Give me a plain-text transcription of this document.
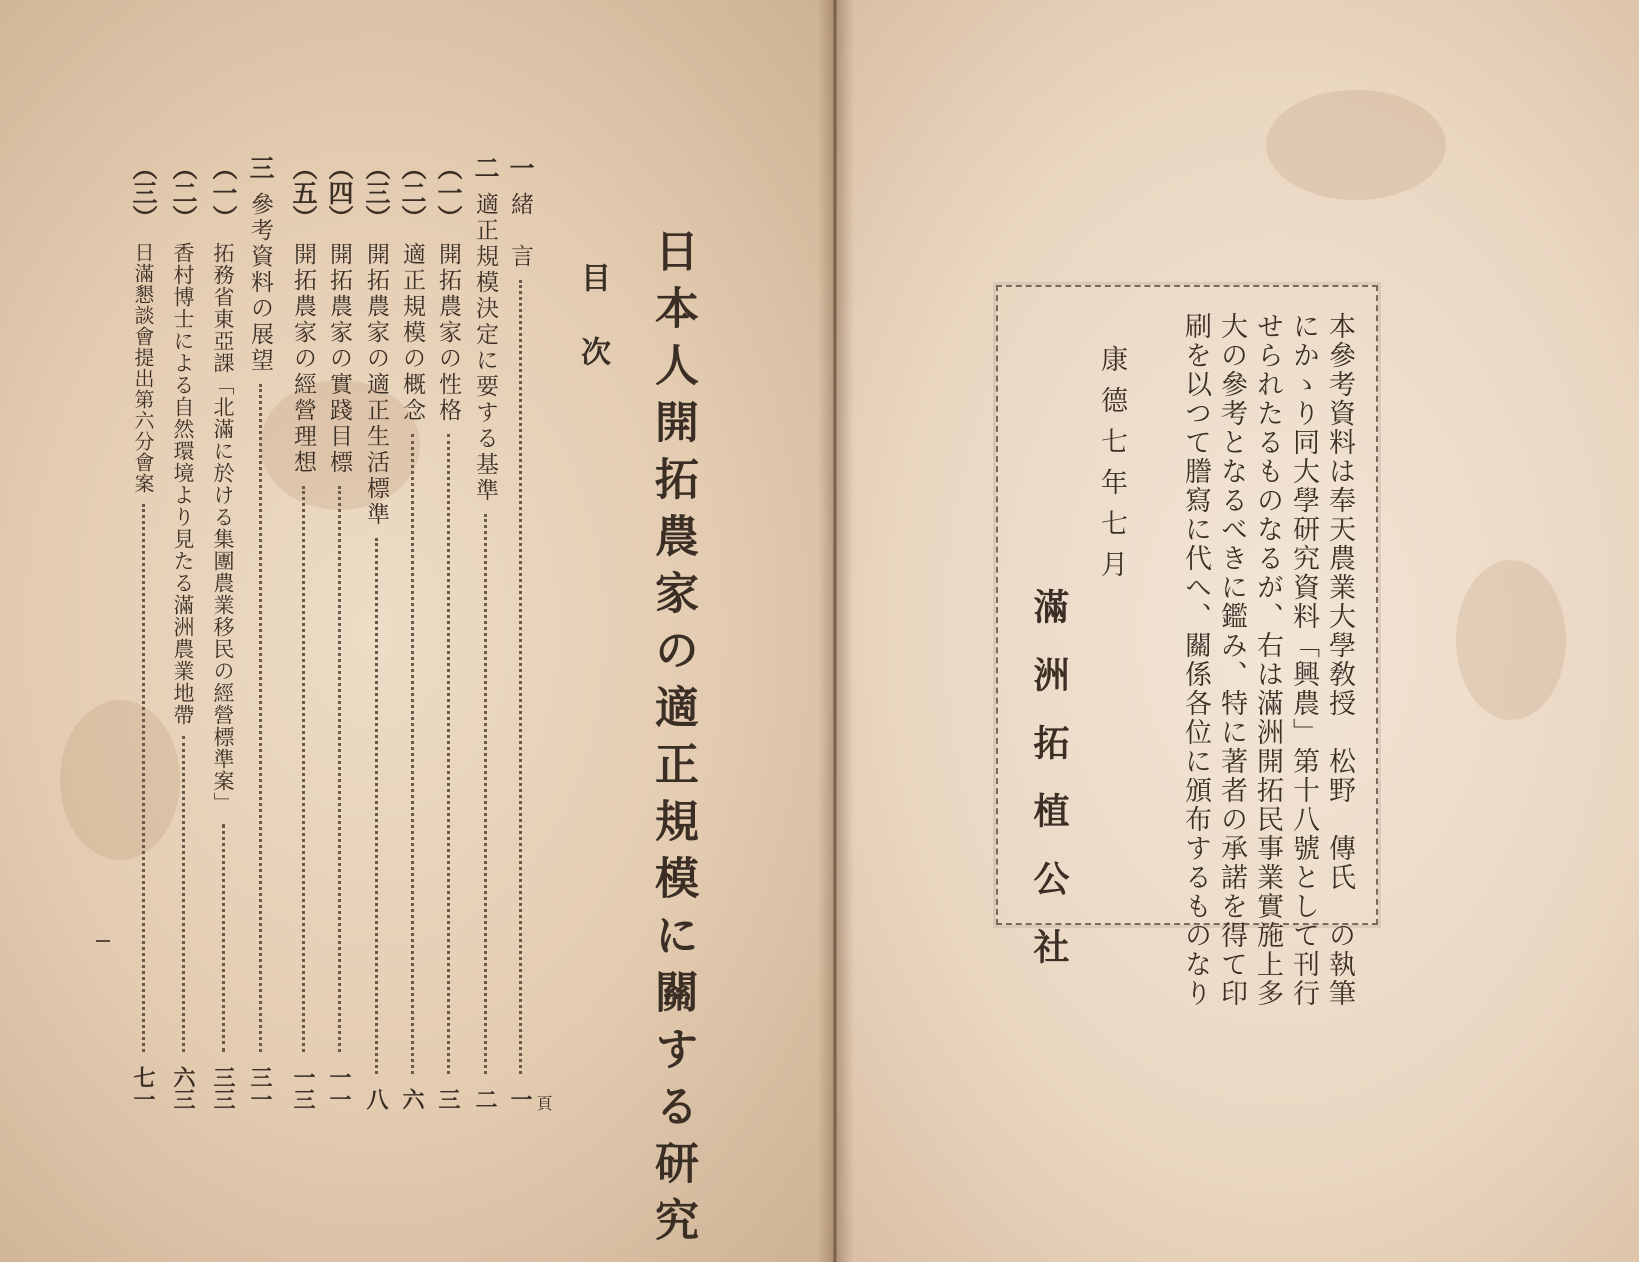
日本人開拓農家の適正規模に關する研究
目次
一
緒　言
一
二
適正規模決定に要する基準
二
（一）
開拓農家の性格
三
（二）
適正規模の概念
六
（三）
開拓農家の適正生活標準
八
（四）
開拓農家の實踐目標
一一
（五）
開拓農家の經營理想
一三
三
參考資料の展望
三一
（一）
拓務省東亞課「北滿に於ける集團農業移民の經營標準案」
三三
（二）
香村博士による自然環境より見たる滿洲農業地帶
六三
（三）
日滿懇談會提出第六分會案
七一	頁
本參考資料は奉天農業大學敎授　松野　傳氏　の執筆
にかゝり同大學研究資料「興農」第十八號として刊行
せられたるものなるが、右は滿洲開拓民事業實施上多
大の參考となるべきに鑑み、特に著者の承諾を得て印
刷を以つて謄寫に代へ、關係各位に頒布するものなり
康德七年七月
滿洲拓植公社
